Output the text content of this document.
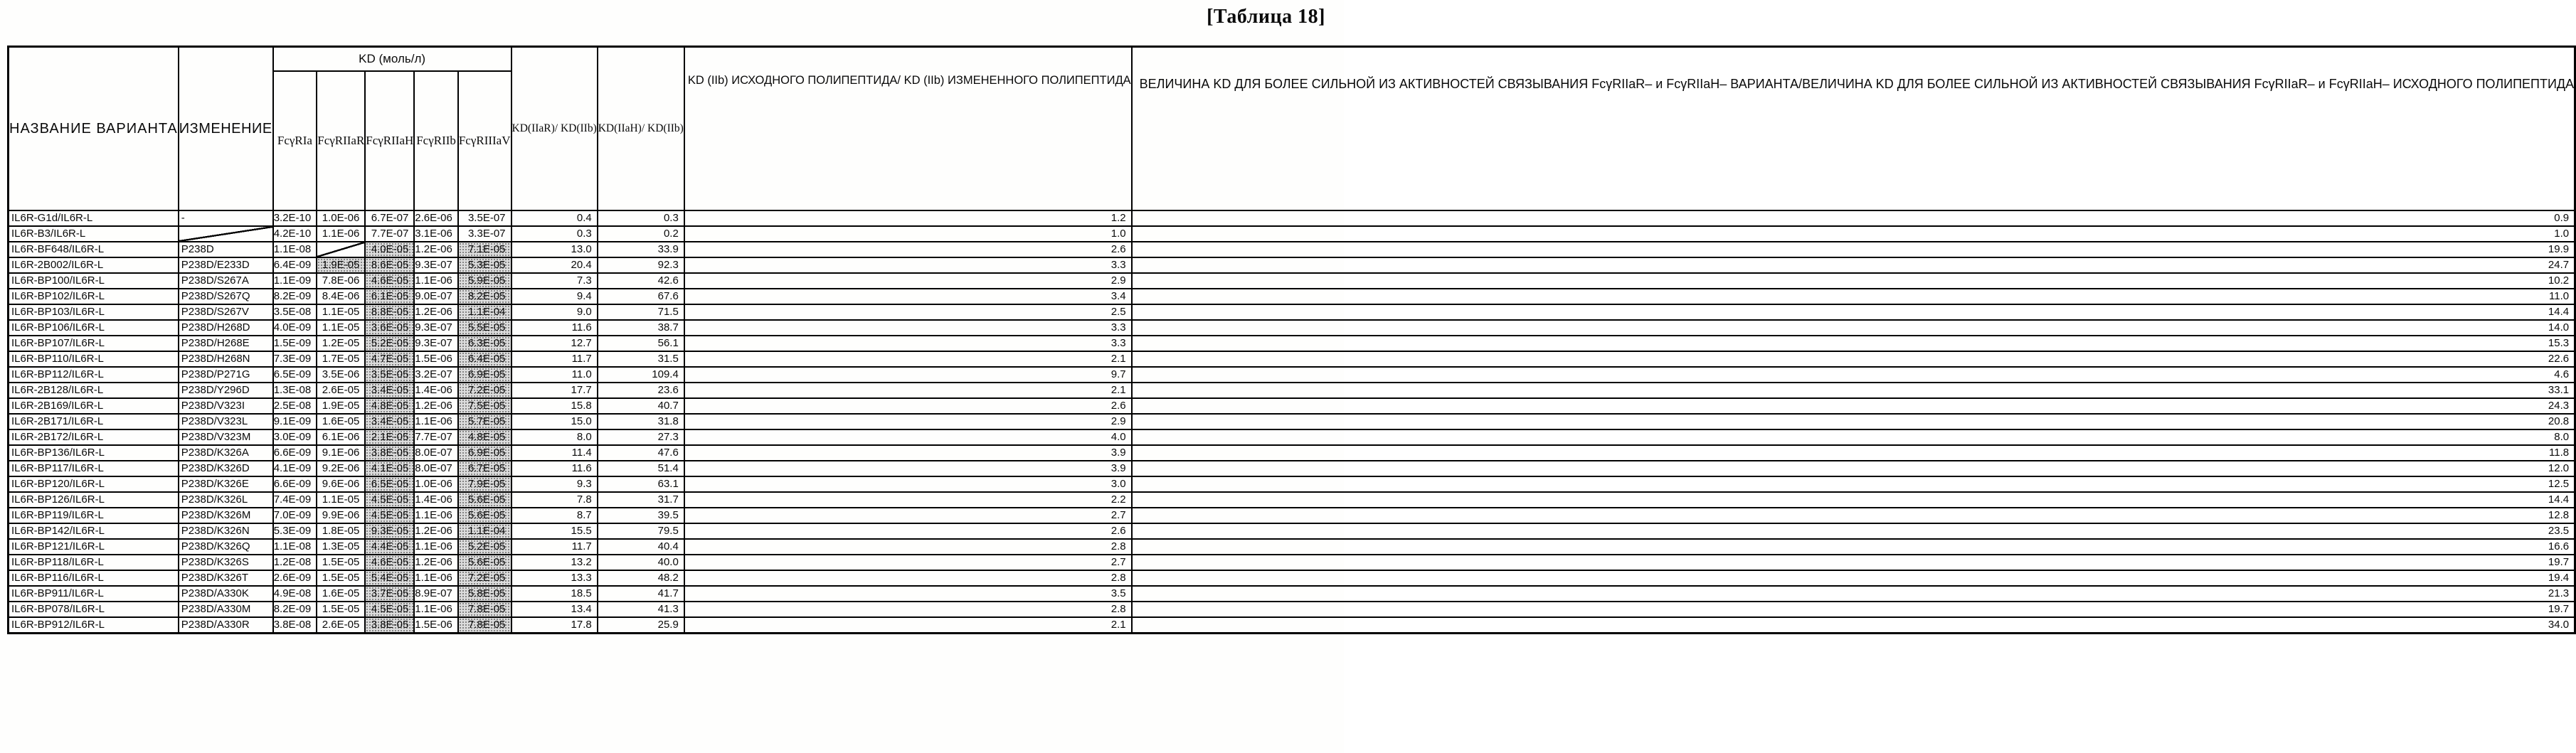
[Таблица 18]
НАЗВАНИЕ ВАРИАНТА	ИЗМЕНЕНИЕ	KD (моль/л)					KD(IIaR)/ KD(IIb)	KD(IIaH)/ KD(IIb)	KD (IIb) ИСХОДНОГО ПОЛИПЕПТИДА/ KD (IIb) ИЗМЕНЕННОГО ПОЛИПЕПТИДА	ВЕЛИЧИНА KD ДЛЯ БОЛЕЕ СИЛЬНОЙ ИЗ АКТИВНОСТЕЙ СВЯЗЫВАНИЯ FcγRIIaR– и FcγRIIaH– ВАРИАНТА/ВЕЛИЧИНА KD ДЛЯ БОЛЕЕ СИЛЬНОЙ ИЗ АКТИВНОСТЕЙ СВЯЗЫВАНИЯ FcγRIIaR– и FcγRIIaH– ИСХОДНОГО ПОЛИПЕПТИДА
		FcγRIa	FcγRIIaR	FcγRIIaH	FcγRIIb	FcγRIIIaV				
IL6R-G1d/IL6R-L	-	3.2E-10	1.0E-06	6.7E-07	2.6E-06	3.5E-07	0.4	0.3	1.2	0.9
IL6R-B3/IL6R-L		4.2E-10	1.1E-06	7.7E-07	3.1E-06	3.3E-07	0.3	0.2	1.0	1.0
IL6R-BF648/IL6R-L	P238D	1.1E-08		4.0E-05	1.2E-06	7.1E-05	13.0	33.9	2.6	19.9
IL6R-2B002/IL6R-L	P238D/E233D	6.4E-09	1.9E-05	8.6E-05	9.3E-07	5.3E-05	20.4	92.3	3.3	24.7
IL6R-BP100/IL6R-L	P238D/S267A	1.1E-09	7.8E-06	4.6E-05	1.1E-06	5.9E-05	7.3	42.6	2.9	10.2
IL6R-BP102/IL6R-L	P238D/S267Q	8.2E-09	8.4E-06	6.1E-05	9.0E-07	8.2E-05	9.4	67.6	3.4	11.0
IL6R-BP103/IL6R-L	P238D/S267V	3.5E-08	1.1E-05	8.8E-05	1.2E-06	1.1E-04	9.0	71.5	2.5	14.4
IL6R-BP106/IL6R-L	P238D/H268D	4.0E-09	1.1E-05	3.6E-05	9.3E-07	5.5E-05	11.6	38.7	3.3	14.0
IL6R-BP107/IL6R-L	P238D/H268E	1.5E-09	1.2E-05	5.2E-05	9.3E-07	6.3E-05	12.7	56.1	3.3	15.3
IL6R-BP110/IL6R-L	P238D/H268N	7.3E-09	1.7E-05	4.7E-05	1.5E-06	6.4E-05	11.7	31.5	2.1	22.6
IL6R-BP112/IL6R-L	P238D/P271G	6.5E-09	3.5E-06	3.5E-05	3.2E-07	6.9E-05	11.0	109.4	9.7	4.6
IL6R-2B128/IL6R-L	P238D/Y296D	1.3E-08	2.6E-05	3.4E-05	1.4E-06	7.2E-05	17.7	23.6	2.1	33.1
IL6R-2B169/IL6R-L	P238D/V323I	2.5E-08	1.9E-05	4.8E-05	1.2E-06	7.5E-05	15.8	40.7	2.6	24.3
IL6R-2B171/IL6R-L	P238D/V323L	9.1E-09	1.6E-05	3.4E-05	1.1E-06	5.7E-05	15.0	31.8	2.9	20.8
IL6R-2B172/IL6R-L	P238D/V323M	3.0E-09	6.1E-06	2.1E-05	7.7E-07	4.8E-05	8.0	27.3	4.0	8.0
IL6R-BP136/IL6R-L	P238D/K326A	6.6E-09	9.1E-06	3.8E-05	8.0E-07	6.9E-05	11.4	47.6	3.9	11.8
IL6R-BP117/IL6R-L	P238D/K326D	4.1E-09	9.2E-06	4.1E-05	8.0E-07	6.7E-05	11.6	51.4	3.9	12.0
IL6R-BP120/IL6R-L	P238D/K326E	6.6E-09	9.6E-06	6.5E-05	1.0E-06	7.9E-05	9.3	63.1	3.0	12.5
IL6R-BP126/IL6R-L	P238D/K326L	7.4E-09	1.1E-05	4.5E-05	1.4E-06	5.6E-05	7.8	31.7	2.2	14.4
IL6R-BP119/IL6R-L	P238D/K326M	7.0E-09	9.9E-06	4.5E-05	1.1E-06	5.6E-05	8.7	39.5	2.7	12.8
IL6R-BP142/IL6R-L	P238D/K326N	5.3E-09	1.8E-05	9.3E-05	1.2E-06	1.1E-04	15.5	79.5	2.6	23.5
IL6R-BP121/IL6R-L	P238D/K326Q	1.1E-08	1.3E-05	4.4E-05	1.1E-06	5.2E-05	11.7	40.4	2.8	16.6
IL6R-BP118/IL6R-L	P238D/K326S	1.2E-08	1.5E-05	4.6E-05	1.2E-06	5.6E-05	13.2	40.0	2.7	19.7
IL6R-BP116/IL6R-L	P238D/K326T	2.6E-09	1.5E-05	5.4E-05	1.1E-06	7.2E-05	13.3	48.2	2.8	19.4
IL6R-BP911/IL6R-L	P238D/A330K	4.9E-08	1.6E-05	3.7E-05	8.9E-07	5.8E-05	18.5	41.7	3.5	21.3
IL6R-BP078/IL6R-L	P238D/A330M	8.2E-09	1.5E-05	4.5E-05	1.1E-06	7.8E-05	13.4	41.3	2.8	19.7
IL6R-BP912/IL6R-L	P238D/A330R	3.8E-08	2.6E-05	3.8E-05	1.5E-06	7.8E-05	17.8	25.9	2.1	34.0
